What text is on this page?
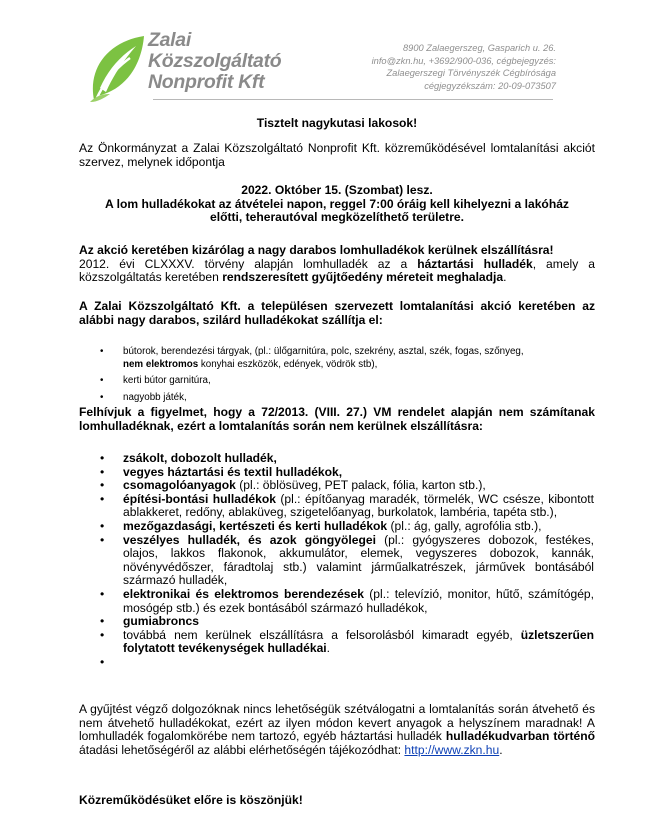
Zalai
Közszolgáltató
Nonprofit Kft
8900 Zalaegerszeg, Gasparich u. 26.
info@zkn.hu, +3692/900-036, cégbejegyzés:
Zalaegerszegi Törvényszék Cégbírósága
cégjegyzékszám: 20-09-073507
Tisztelt nagykutasi lakosok!
Az Önkormányzat a Zalai Közszolgáltató Nonprofit Kft. közreműködésével lomtalanítási akciót szervez, melynek időpontja
2022. Október 15. (Szombat) lesz.
A lom hulladékokat az átvételei napon, reggel 7:00 óráig kell kihelyezni a lakóház előtti, teherautóval megközelíthető területre.
Az akció keretében kizárólag a nagy darabos lomhulladékok kerülnek elszállításra!
2012. évi CLXXXV. törvény alapján lomhulladék az a háztartási hulladék, amely a közszolgáltatás keretében rendszeresített gyűjtőedény méreteit meghaladja.
A Zalai Közszolgáltató Kft. a településen szervezett lomtalanítási akció keretében az alábbi nagy darabos, szilárd hulladékokat szállítja el:
• bútorok, berendezési tárgyak, (pl.: ülőgarnitúra, polc, szekrény, asztal, szék, fogas, szőnyeg,
nem elektromos konyhai eszközök, edények, vödrök stb),
• kerti bútor garnitúra,
• nagyobb játék,
Felhívjuk a figyelmet, hogy a 72/2013. (VIII. 27.) VM rendelet alapján nem számítanak lomhulladéknak, ezért a lomtalanítás során nem kerülnek elszállításra:
• zsákolt, dobozolt hulladék,
• vegyes háztartási és textil hulladékok,
• csomagolóanyagok (pl.: öblösüveg, PET palack, fólia, karton stb.),
• építési-bontási hulladékok (pl.: építőanyag maradék, törmelék, WC csésze, kibontott ablakkeret, redőny, ablaküveg, szigetelőanyag, burkolatok, lambéria, tapéta stb.),
• mezőgazdasági, kertészeti és kerti hulladékok (pl.: ág, gally, agrofólia stb.),
• veszélyes hulladék, és azok göngyölegei (pl.: gyógyszeres dobozok, festékes, olajos, lakkos flakonok, akkumulátor, elemek, vegyszeres dobozok, kannák, növényvédőszer, fáradtolaj stb.) valamint járműalkatrészek, járművek bontásából származó hulladék,
• elektronikai és elektromos berendezések (pl.: televízió, monitor, hűtő, számítógép, mosógép stb.) és ezek bontásából származó hulladékok,
• gumiabroncs
• továbbá nem kerülnek elszállításra a felsorolásból kimaradt egyéb, üzletszerűen folytatott tevékenységek hulladékai.
•

A gyűjtést végző dolgozóknak nincs lehetőségük szétválogatni a lomtalanítás során átvehető és nem átvehető hulladékokat, ezért az ilyen módon kevert anyagok a helyszínem maradnak! A lomhulladék fogalomkörébe nem tartozó, egyéb háztartási hulladék hulladékudvarban történő átadási lehetőségéről az alábbi elérhetőségén tájékozódhat: http://www.zkn.hu.
Közreműködésüket előre is köszönjük!
